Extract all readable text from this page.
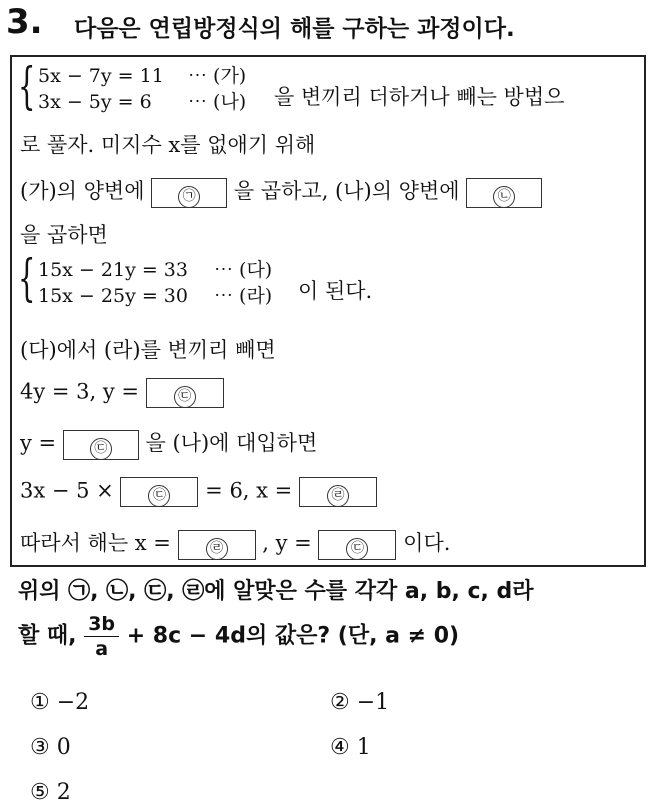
3. 다음은 연립방정식의 해를 구하는 과정이다.
{ 5x − 7y = 11 ⋯ (가)
3x − 5y = 6 ⋯ (나) 을 변끼리 더하거나 빼는 방법으
로 풀자. 미지수 x를 없애기 위해
(가)의 양변에	㉠ 을 곱하고, (나)의 양변에	㉡
을 곱하면
{ 15x − 21y = 33 ⋯ (다)
15x − 25y = 30 ⋯ (라) 이 된다.
(다)에서 (라)를 변끼리 빼면
4y = 3, y =	㉢
y =	㉢ 을 (나)에 대입하면
3x − 5 ×	㉢ = 6, x =	㉣
따라서 해는 x =	㉣ , y =	㉢ 이다.
위의 ㉠, ㉡, ㉢, ㉣에 알맞은 수를 각각 a, b, c, d라
할 때, $\frac{3b}{a} + 8c - 4d$의 값은? (단, a ≠ 0)
① −2	② −1
③ 0	④ 1
⑤ 2
